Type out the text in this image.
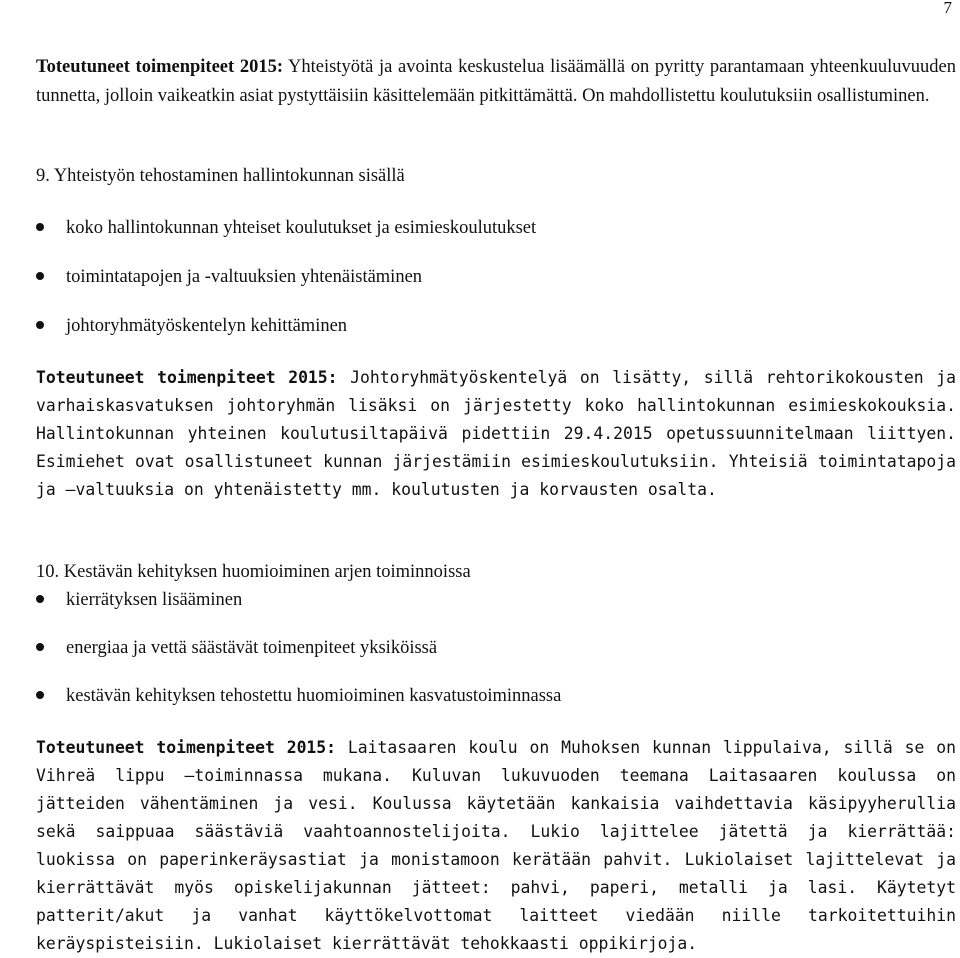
7

Toteutuneet toimenpiteet 2015: Yhteistyötä ja avointa keskustelua lisäämällä on pyritty parantamaan yhteenkuuluvuuden tunnetta, jolloin vaikeatkin asiat pystyttäisiin käsittelemään pitkittämättä. On mahdollistettu koulutuksiin osallistuminen.

9. Yhteistyön tehostaminen hallintokunnan sisällä

koko hallintokunnan yhteiset koulutukset ja esimieskoulutukset

toimintatapojen ja -valtuuksien yhtenäistäminen

johtoryhmätyöskentelyn kehittäminen

Toteutuneet toimenpiteet 2015: Johtoryhmätyöskentelyä on lisätty, sillä rehtorikokousten ja varhaiskasvatuksen johtoryhmän lisäksi on järjestetty koko hallintokunnan esimieskokouksia. Hallintokunnan yhteinen koulutusiltapäivä pidettiin 29.4.2015 opetussuunnitelmaan liittyen. Esimiehet ovat osallistuneet kunnan järjestämiin esimieskoulutuksiin. Yhteisiä toimintatapoja ja –valtuuksia on yhtenäistetty mm. koulutusten ja korvausten osalta.

10. Kestävän kehityksen huomioiminen arjen toiminnoissa

kierrätyksen lisääminen

energiaa ja vettä säästävät toimenpiteet yksiköissä

kestävän kehityksen tehostettu huomioiminen kasvatustoiminnassa

Toteutuneet toimenpiteet 2015: Laitasaaren koulu on Muhoksen kunnan lippulaiva, sillä se on Vihreä lippu –toiminnassa mukana. Kuluvan lukuvuoden teemana Laitasaaren koulussa on jätteiden vähentäminen ja vesi. Koulussa käytetään kankaisia vaihdettavia käsipyyherullia sekä saippuaa säästäviä vaahtoannostelijoita. Lukio lajittelee jätettä ja kierrättää: luokissa on paperinkeräysastiat ja monistamoon kerätään pahvit. Lukiolaiset lajittelevat ja kierrättävät myös opiskelijakunnan jätteet: pahvi, paperi, metalli ja lasi. Käytetyt patterit/akut ja vanhat käyttökelvottomat laitteet viedään niille tarkoitettuihin keräyspisteisiin. Lukiolaiset kierrättävät tehokkaasti oppikirjoja.
